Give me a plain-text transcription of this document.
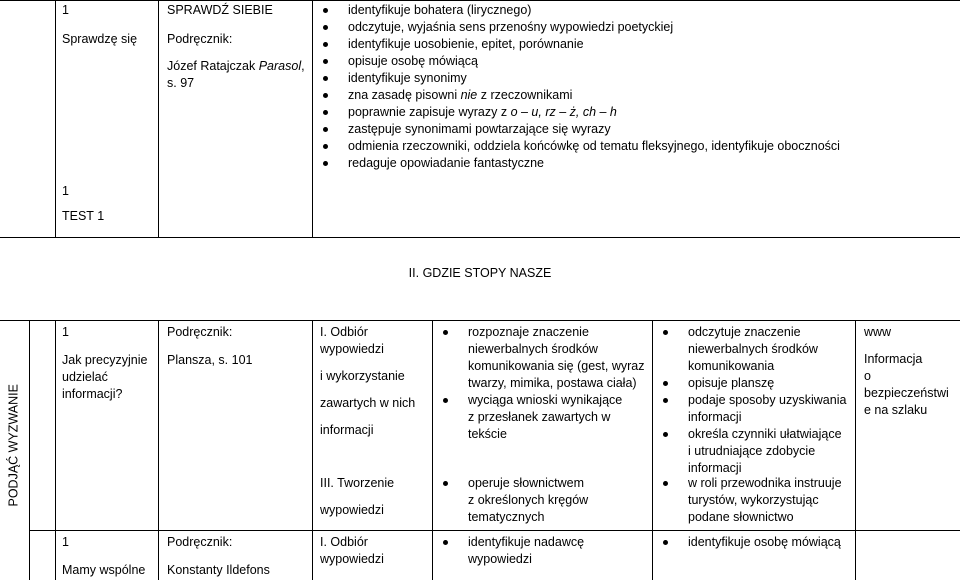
1
Sprawdzę się
SPRAWDŹ SIEBIE
Podręcznik:
Józef Ratajczak Parasol,
s. 97
identyfikuje bohatera (lirycznego)
odczytuje, wyjaśnia sens przenośny wypowiedzi poetyckiej
identyfikuje uosobienie, epitet, porównanie
opisuje osobę mówiącą
identyfikuje synonimy
zna zasadę pisowni nie z rzeczownikami
poprawnie zapisuje wyrazy z o – u, rz – ż, ch – h
zastępuje synonimami powtarzające się wyrazy
odmienia rzeczowniki, oddziela końcówkę od tematu fleksyjnego, identyfikuje oboczności
redaguje opowiadanie fantastyczne
1
TEST 1
II. GDZIE STOPY NASZE
PODJĄĆ WYZWANIE
1
Jak precyzyjnie
udzielać
informacji?
Podręcznik:
Plansza, s. 101
I. Odbiór
wypowiedzi
i wykorzystanie
zawartych w nich
informacji
III. Tworzenie
wypowiedzi
rozpoznaje znaczenie
niewerbalnych środków
komunikowania się (gest, wyraz
twarzy, mimika, postawa ciała)
wyciąga wnioski wynikające
z przesłanek zawartych w tekście
operuje słownictwem
z określonych kręgów
tematycznych
odczytuje znaczenie
niewerbalnych środków
komunikowania
opisuje planszę
podaje sposoby uzyskiwania
informacji
określa czynniki ułatwiające
i utrudniające zdobycie
informacji
w roli przewodnika instruuje
turystów, wykorzystując
podane słownictwo
www
Informacja
o
bezpieczeństwi
e na szlaku
1
Mamy wspólne
Podręcznik:
Konstanty Ildefons
I. Odbiór
wypowiedzi
identyfikuje nadawcę
wypowiedzi
identyfikuje osobę mówiącą
